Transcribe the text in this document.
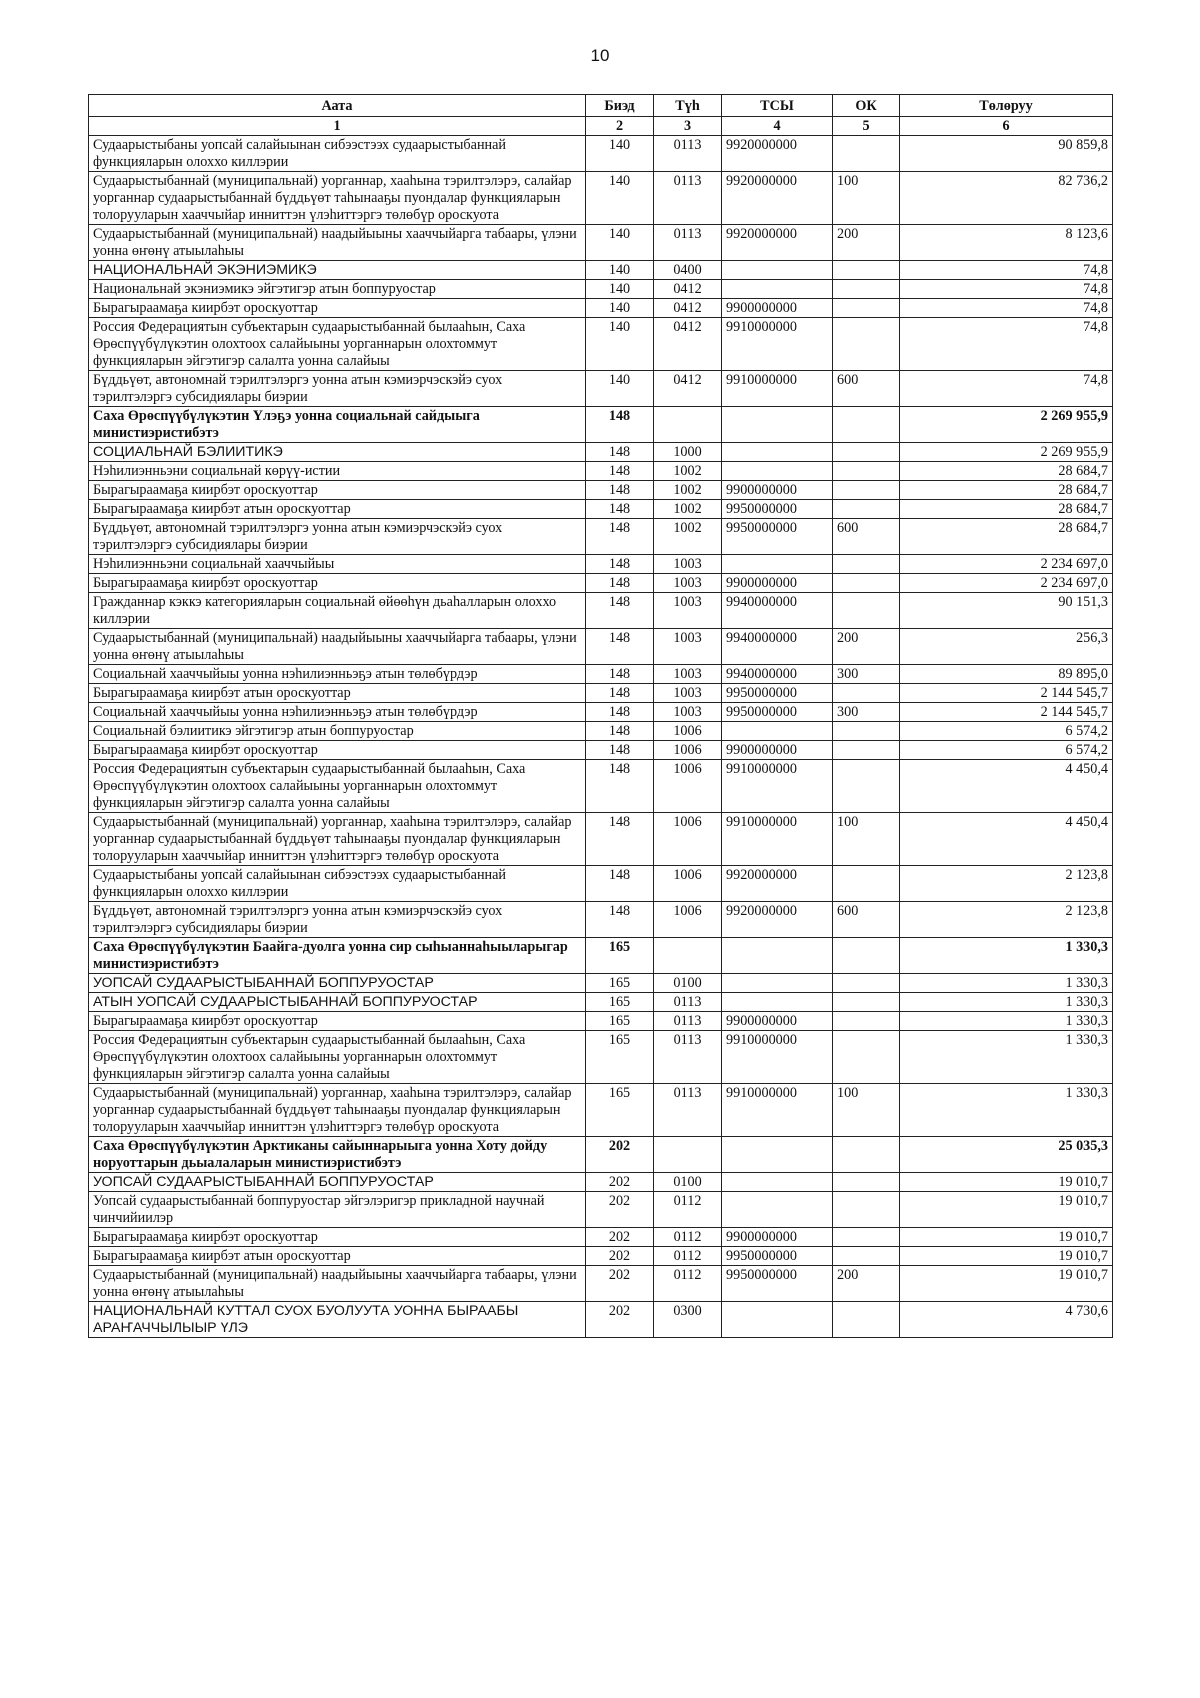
10
Аата	Биэд	Түһ	ТСЫ	ОК	Төлөруу
1	2	3	4	5	6
Судаарыстыбаны уопсай салайыынан сибээстээх судаарыстыбаннай функцияларын олоххо киллэрии	140	0113	9920000000		90 859,8
Судаарыстыбаннай (муниципальнай) уорганнар, хааһына тэрилтэлэрэ, салайар уорганнар судаарыстыбаннай бүддьүөт таһынааҕы пуондалар функцияларын толорууларын хааччыйар инниттэн үлэһиттэргэ төлөбүр ороскуота	140	0113	9920000000	100	82 736,2
Судаарыстыбаннай (муниципальнай) наадыйыыны хааччыйарга табаары, үлэни уонна өҥөнү атыылаһыы	140	0113	9920000000	200	8 123,6
НАЦИОНАЛЬНАЙ ЭКЭНИЭМИКЭ	140	0400			74,8
Национальнай экэниэмикэ эйгэтигэр атын боппуруостар	140	0412			74,8
Бырагыраамаҕа киирбэт ороскуоттар	140	0412	9900000000		74,8
Россия Федерациятын субъектарын судаарыстыбаннай былааһын, Саха Өрөспүүбүлүкэтин олохтоох салайыыны уорганнарын олохтоммут функцияларын эйгэтигэр салалта уонна салайыы	140	0412	9910000000		74,8
Бүддьүөт, автономнай тэрилтэлэргэ уонна атын кэмиэрчэскэйэ суох тэрилтэлэргэ субсидиялары биэрии	140	0412	9910000000	600	74,8
Саха Өрөспүүбүлүкэтин Үлэҕэ уонна социальнай сайдыыга министиэристибэтэ	148				2 269 955,9
СОЦИАЛЬНАЙ БЭЛИИТИКЭ	148	1000			2 269 955,9
Нэһилиэнньэни социальнай көрүү-истии	148	1002			28 684,7
Бырагыраамаҕа киирбэт ороскуоттар	148	1002	9900000000		28 684,7
Бырагыраамаҕа киирбэт атын ороскуоттар	148	1002	9950000000		28 684,7
Бүддьүөт, автономнай тэрилтэлэргэ уонна атын кэмиэрчэскэйэ суох тэрилтэлэргэ субсидиялары биэрии	148	1002	9950000000	600	28 684,7
Нэһилиэнньэни социальнай хааччыйыы	148	1003			2 234 697,0
Бырагыраамаҕа киирбэт ороскуоттар	148	1003	9900000000		2 234 697,0
Гражданнар кэккэ категорияларын социальнай өйөөһүн дьаһалларын олоххо киллэрии	148	1003	9940000000		90 151,3
Судаарыстыбаннай (муниципальнай) наадыйыыны хааччыйарга табаары, үлэни уонна өҥөнү атыылаһыы	148	1003	9940000000	200	256,3
Социальнай хааччыйыы уонна нэһилиэнньэҕэ атын төлөбүрдэр	148	1003	9940000000	300	89 895,0
Бырагыраамаҕа киирбэт атын ороскуоттар	148	1003	9950000000		2 144 545,7
Социальнай хааччыйыы уонна нэһилиэнньэҕэ атын төлөбүрдэр	148	1003	9950000000	300	2 144 545,7
Социальнай бэлиитикэ эйгэтигэр атын боппуруостар	148	1006			6 574,2
Бырагыраамаҕа киирбэт ороскуоттар	148	1006	9900000000		6 574,2
Россия Федерациятын субъектарын судаарыстыбаннай былааһын, Саха Өрөспүүбүлүкэтин олохтоох салайыыны уорганнарын олохтоммут функцияларын эйгэтигэр салалта уонна салайыы	148	1006	9910000000		4 450,4
Судаарыстыбаннай (муниципальнай) уорганнар, хааһына тэрилтэлэрэ, салайар уорганнар судаарыстыбаннай бүддьүөт таһынааҕы пуондалар функцияларын толорууларын хааччыйар инниттэн үлэһиттэргэ төлөбүр ороскуота	148	1006	9910000000	100	4 450,4
Судаарыстыбаны уопсай салайыынан сибээстээх судаарыстыбаннай функцияларын олоххо киллэрии	148	1006	9920000000		2 123,8
Бүддьүөт, автономнай тэрилтэлэргэ уонна атын кэмиэрчэскэйэ суох тэрилтэлэргэ субсидиялары биэрии	148	1006	9920000000	600	2 123,8
Саха Өрөспүүбүлүкэтин Баайга-дуолга уонна сир сыһыаннаһыыларыгар министиэристибэтэ	165				1 330,3
УОПСАЙ СУДААРЫСТЫБАННАЙ БОППУРУОСТАР	165	0100			1 330,3
АТЫН УОПСАЙ СУДААРЫСТЫБАННАЙ БОППУРУОСТАР	165	0113			1 330,3
Бырагыраамаҕа киирбэт ороскуоттар	165	0113	9900000000		1 330,3
Россия Федерациятын субъектарын судаарыстыбаннай былааһын, Саха Өрөспүүбүлүкэтин олохтоох салайыыны уорганнарын олохтоммут функцияларын эйгэтигэр салалта уонна салайыы	165	0113	9910000000		1 330,3
Судаарыстыбаннай (муниципальнай) уорганнар, хааһына тэрилтэлэрэ, салайар уорганнар судаарыстыбаннай бүддьүөт таһынааҕы пуондалар функцияларын толорууларын хааччыйар инниттэн үлэһиттэргэ төлөбүр ороскуота	165	0113	9910000000	100	1 330,3
Саха Өрөспүүбүлүкэтин Арктиканы сайыннарыыга уонна Хоту дойду норуоттарын дьыалаларын министиэристибэтэ	202				25 035,3
УОПСАЙ СУДААРЫСТЫБАННАЙ БОППУРУОСТАР	202	0100			19 010,7
Уопсай судаарыстыбаннай боппуруостар эйгэлэригэр прикладной научнай чинчийиилэр	202	0112			19 010,7
Бырагыраамаҕа киирбэт ороскуоттар	202	0112	9900000000		19 010,7
Бырагыраамаҕа киирбэт атын ороскуоттар	202	0112	9950000000		19 010,7
Судаарыстыбаннай (муниципальнай) наадыйыыны хааччыйарга табаары, үлэни уонна өҥөнү атыылаһыы	202	0112	9950000000	200	19 010,7
НАЦИОНАЛЬНАЙ КУТТАЛ СУОХ БУОЛУУТА УОННА БЫРААБЫ АРАҤАЧЧЫЛЫЫР ҮЛЭ	202	0300			4 730,6
